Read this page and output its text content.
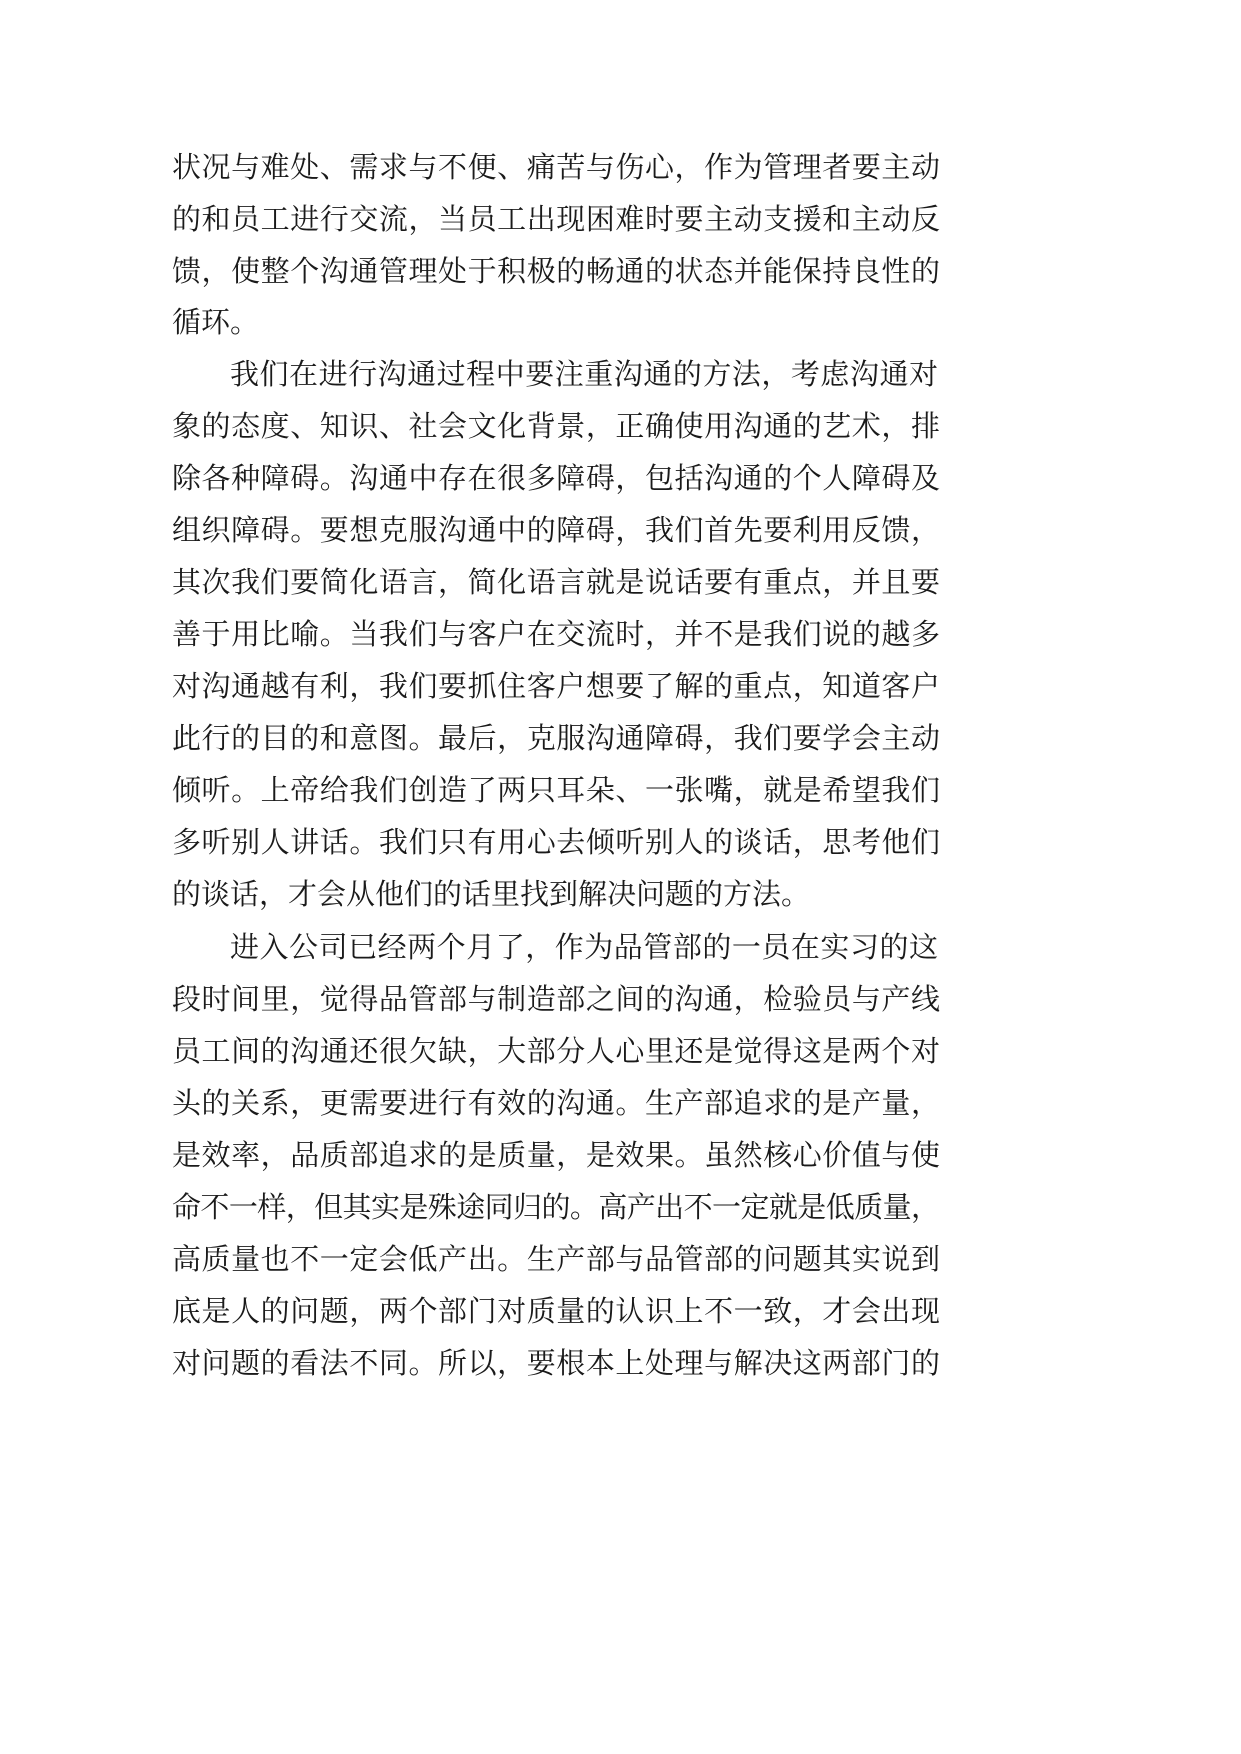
状况与难处、需求与不便、痛苦与伤心，作为管理者要主动
的和员工进行交流，当员工出现困难时要主动支援和主动反
馈，使整个沟通管理处于积极的畅通的状态并能保持良性的
循环。
我们在进行沟通过程中要注重沟通的方法，考虑沟通对
象的态度、知识、社会文化背景，正确使用沟通的艺术，排
除各种障碍。沟通中存在很多障碍，包括沟通的个人障碍及
组织障碍。要想克服沟通中的障碍，我们首先要利用反馈，
其次我们要简化语言，简化语言就是说话要有重点，并且要
善于用比喻。当我们与客户在交流时，并不是我们说的越多
对沟通越有利，我们要抓住客户想要了解的重点，知道客户
此行的目的和意图。最后，克服沟通障碍，我们要学会主动
倾听。上帝给我们创造了两只耳朵、一张嘴，就是希望我们
多听别人讲话。我们只有用心去倾听别人的谈话，思考他们
的谈话，才会从他们的话里找到解决问题的方法。
进入公司已经两个月了，作为品管部的一员在实习的这
段时间里，觉得品管部与制造部之间的沟通，检验员与产线
员工间的沟通还很欠缺，大部分人心里还是觉得这是两个对
头的关系，更需要进行有效的沟通。生产部追求的是产量，
是效率，品质部追求的是质量，是效果。虽然核心价值与使
命不一样，但其实是殊途同归的。高产出不一定就是低质量，
高质量也不一定会低产出。生产部与品管部的问题其实说到
底是人的问题，两个部门对质量的认识上不一致，才会出现
对问题的看法不同。所以，要根本上处理与解决这两部门的
